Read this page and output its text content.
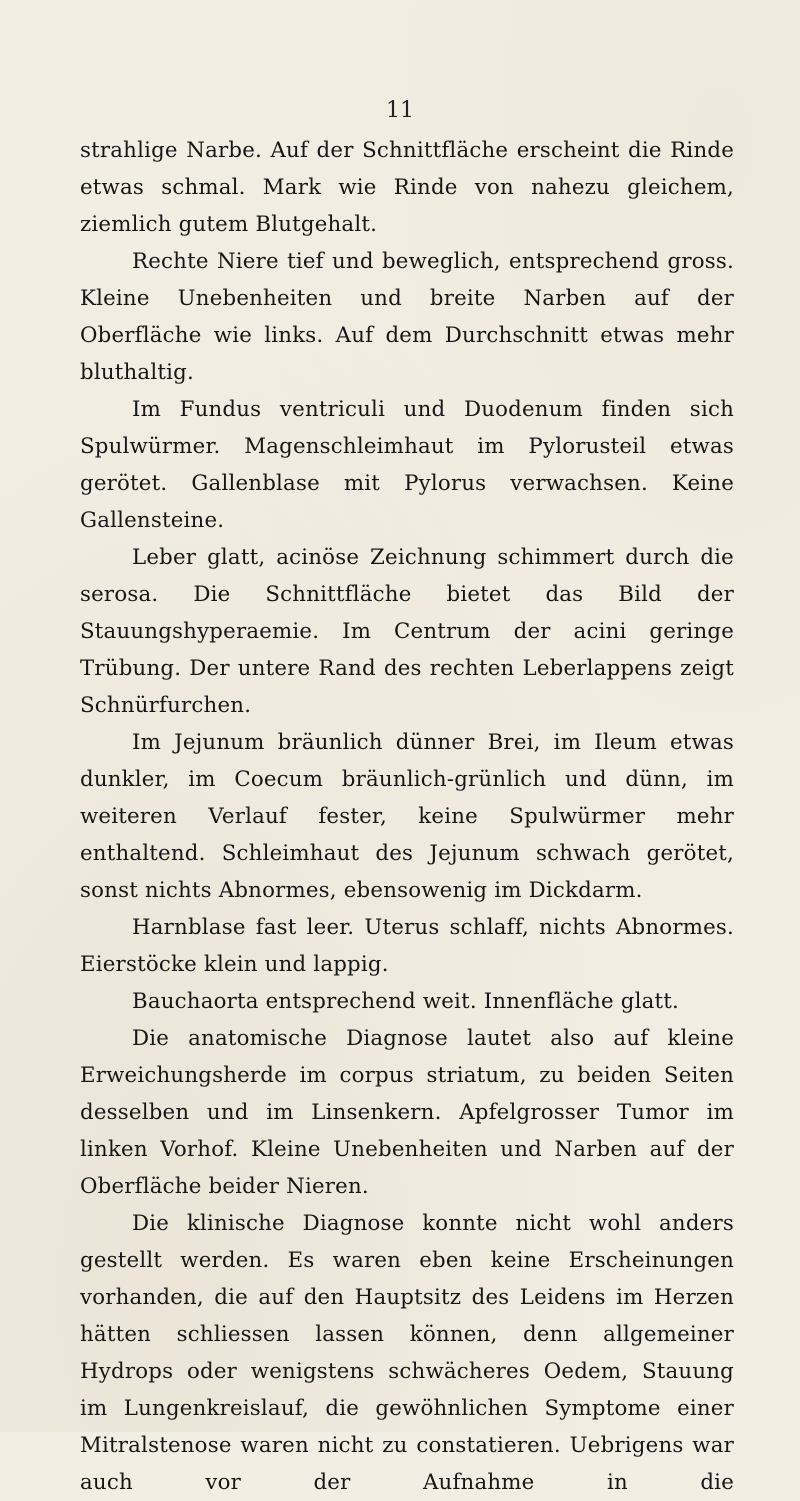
11

strahlige Narbe. Auf der Schnittfläche erscheint die Rinde etwas schmal. Mark wie Rinde von nahezu gleichem, ziemlich gutem Blutgehalt.

Rechte Niere tief und beweglich, entsprechend gross. Kleine Unebenheiten und breite Narben auf der Oberfläche wie links. Auf dem Durchschnitt etwas mehr bluthaltig.

Im Fundus ventriculi und Duodenum finden sich Spulwürmer. Magenschleimhaut im Pylorusteil etwas gerötet. Gallenblase mit Pylorus verwachsen. Keine Gallensteine.

Leber glatt, acinöse Zeichnung schimmert durch die serosa. Die Schnittfläche bietet das Bild der Stauungshyperaemie. Im Centrum der acini geringe Trübung. Der untere Rand des rechten Leberlappens zeigt Schnürfurchen.

Im Jejunum bräunlich dünner Brei, im Ileum etwas dunkler, im Coecum bräunlich-grünlich und dünn, im weiteren Verlauf fester, keine Spulwürmer mehr enthaltend. Schleimhaut des Jejunum schwach gerötet, sonst nichts Abnormes, ebensowenig im Dickdarm.

Harnblase fast leer. Uterus schlaff, nichts Abnormes. Eierstöcke klein und lappig.

Bauchaorta entsprechend weit. Innenfläche glatt.

Die anatomische Diagnose lautet also auf kleine Erweichungsherde im corpus striatum, zu beiden Seiten desselben und im Linsenkern. Apfelgrosser Tumor im linken Vorhof. Kleine Unebenheiten und Narben auf der Oberfläche beider Nieren.

Die klinische Diagnose konnte nicht wohl anders gestellt werden. Es waren eben keine Erscheinungen vorhanden, die auf den Hauptsitz des Leidens im Herzen hätten schliessen lassen können, denn allgemeiner Hydrops oder wenigstens schwächeres Oedem, Stauung im Lungenkreislauf, die gewöhnlichen Symptome einer Mitralstenose waren nicht zu constatieren. Uebrigens war auch vor der Aufnahme in die
